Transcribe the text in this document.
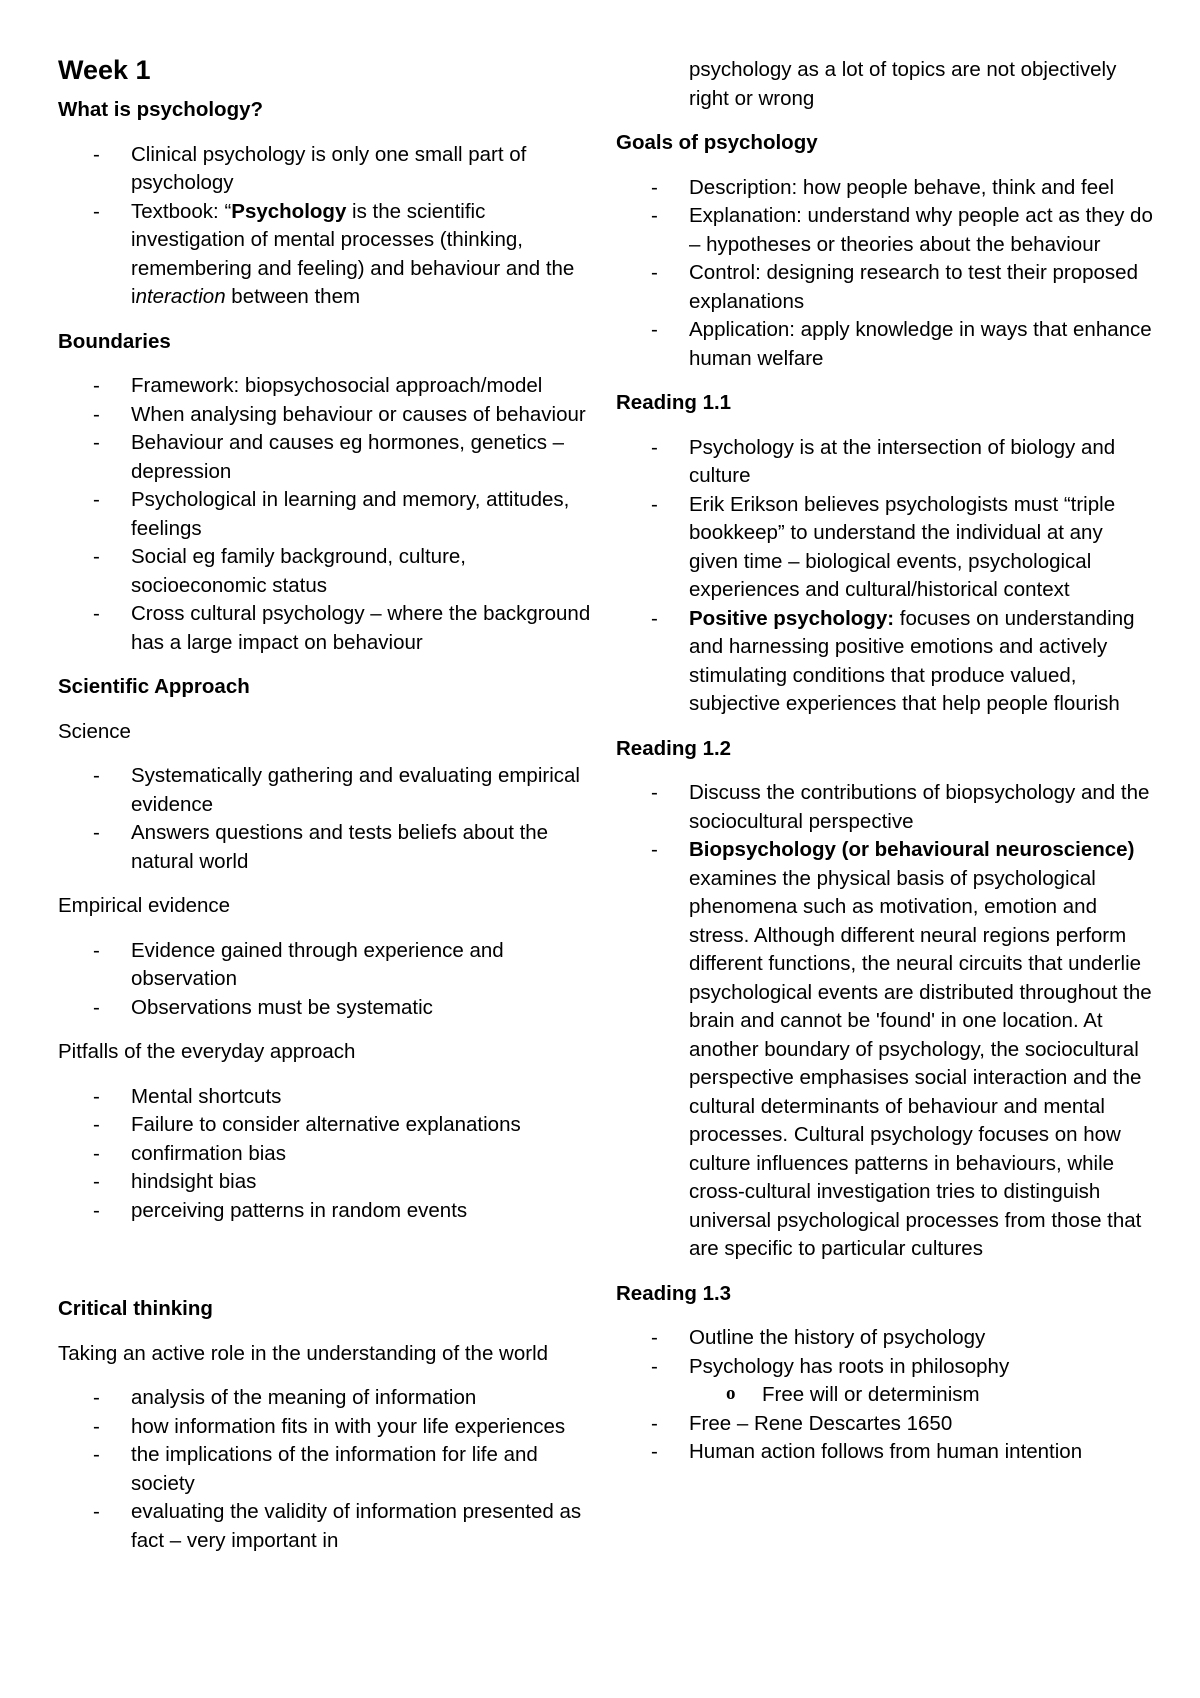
Week 1
What is psychology?
- Clinical psychology is only one small part of psychology
- Textbook: “Psychology is the scientific investigation of mental processes (thinking, remembering and feeling) and behaviour and the interaction between them
Boundaries
- Framework: biopsychosocial approach/model
- When analysing behaviour or causes of behaviour
- Behaviour and causes eg hormones, genetics – depression
- Psychological in learning and memory, attitudes, feelings
- Social eg family background, culture, socioeconomic status
- Cross cultural psychology – where the background has a large impact on behaviour
Scientific Approach

Science

- Systematically gathering and evaluating empirical evidence
- Answers questions and tests beliefs about the natural world

Empirical evidence

- Evidence gained through experience and observation
- Observations must be systematic

Pitfalls of the everyday approach

- Mental shortcuts
- Failure to consider alternative explanations
- confirmation bias
- hindsight bias
- perceiving patterns in random events
Critical thinking

Taking an active role in the understanding of the world

- analysis of the meaning of information
- how information fits in with your life experiences
- the implications of the information for life and society
- evaluating the validity of information presented as fact – very important in
psychology as a lot of topics are not objectively right or wrong
Goals of psychology
- Description: how people behave, think and feel
- Explanation: understand why people act as they do – hypotheses or theories about the behaviour
- Control: designing research to test their proposed explanations
- Application: apply knowledge in ways that enhance human welfare
Reading 1.1
- Psychology is at the intersection of biology and culture
- Erik Erikson believes psychologists must “triple bookkeep” to understand the individual at any given time – biological events, psychological experiences and cultural/historical context
- Positive psychology: focuses on understanding and harnessing positive emotions and actively stimulating conditions that produce valued, subjective experiences that help people flourish
Reading 1.2
- Discuss the contributions of biopsychology and the sociocultural perspective
- Biopsychology (or behavioural neuroscience) examines the physical basis of psychological phenomena such as motivation, emotion and stress. Although different neural regions perform different functions, the neural circuits that underlie psychological events are distributed throughout the brain and cannot be 'found' in one location. At another boundary of psychology, the sociocultural perspective emphasises social interaction and the cultural determinants of behaviour and mental processes. Cultural psychology focuses on how culture influences patterns in behaviours, while cross-cultural investigation tries to distinguish universal psychological processes from those that are specific to particular cultures
Reading 1.3
- Outline the history of psychology
- Psychology has roots in philosophy
o Free will or determinism
- Free – Rene Descartes 1650
- Human action follows from human intention
